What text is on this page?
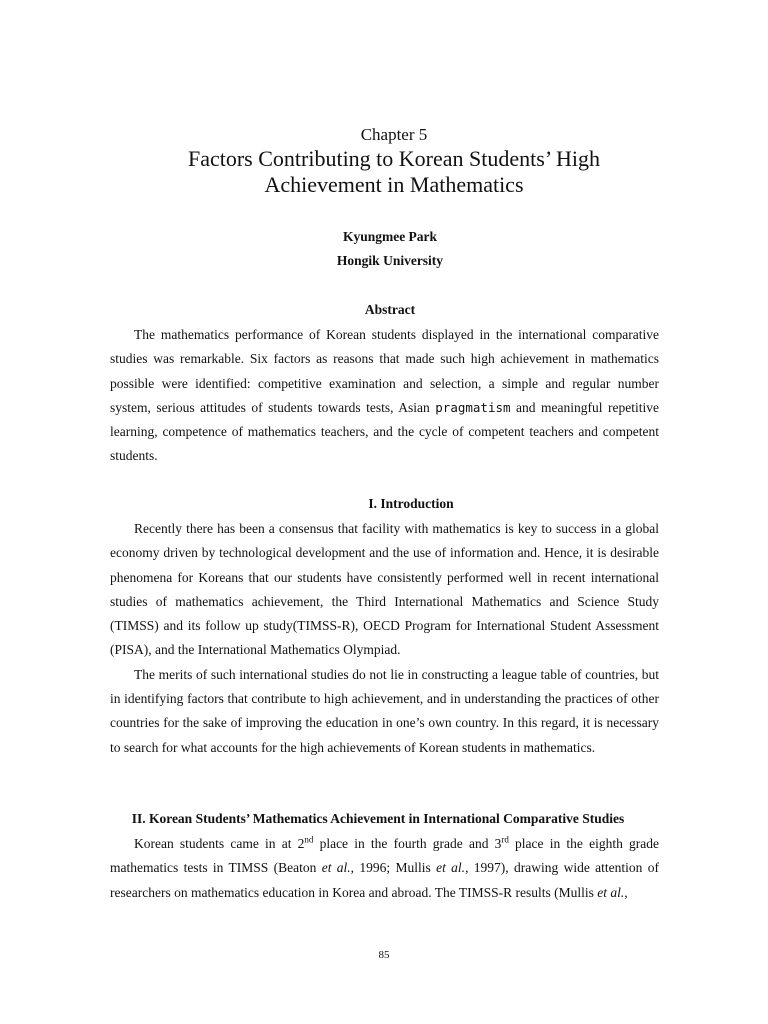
Chapter 5
Factors Contributing to Korean Students’ High
Achievement in Mathematics
Kyungmee Park
Hongik University
Abstract

The mathematics performance of Korean students displayed in the international comparative studies was remarkable. Six factors as reasons that made such high achievement in mathematics possible were identified: competitive examination and selection, a simple and regular number system, serious attitudes of students towards tests, Asian pragmatism and meaningful repetitive learning, competence of mathematics teachers, and the cycle of competent teachers and competent students.

I. Introduction

Recently there has been a consensus that facility with mathematics is key to success in a global economy driven by technological development and the use of information and. Hence, it is desirable phenomena for Koreans that our students have consistently performed well in recent international studies of mathematics achievement, the Third International Mathematics and Science Study (TIMSS) and its follow up study(TIMSS-R), OECD Program for International Student Assessment (PISA), and the International Mathematics Olympiad.

The merits of such international studies do not lie in constructing a league table of countries, but in identifying factors that contribute to high achievement, and in understanding the practices of other countries for the sake of improving the education in one’s own country. In this regard, it is necessary to search for what accounts for the high achievements of Korean students in mathematics.

II. Korean Students’ Mathematics Achievement in International Comparative Studies

Korean students came in at 2nd place in the fourth grade and 3rd place in the eighth grade mathematics tests in TIMSS (Beaton et al., 1996; Mullis et al., 1997), drawing wide attention of researchers on mathematics education in Korea and abroad. The TIMSS-R results (Mullis et al.,

85
